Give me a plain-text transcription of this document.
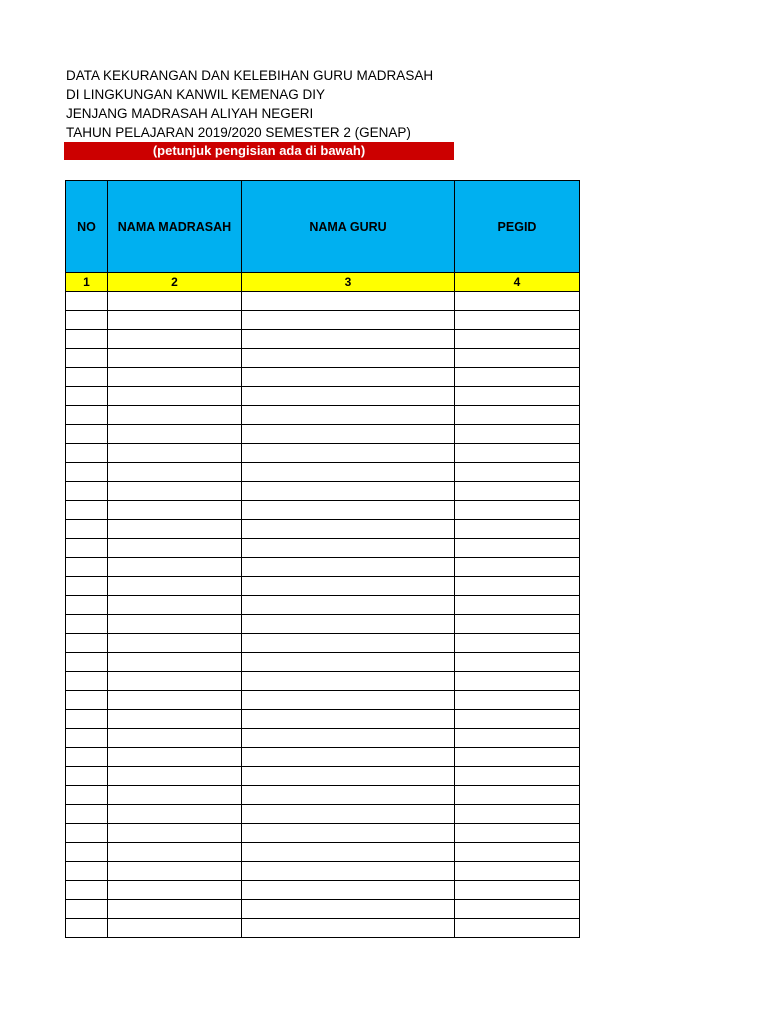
DATA KEKURANGAN DAN KELEBIHAN GURU MADRASAH
DI LINGKUNGAN KANWIL KEMENAG DIY
JENJANG MADRASAH ALIYAH NEGERI
TAHUN PELAJARAN 2019/2020 SEMESTER 2 (GENAP)
(petunjuk pengisian ada di bawah)
NO	NAMA MADRASAH	NAMA GURU	PEGID
1	2	3	4
